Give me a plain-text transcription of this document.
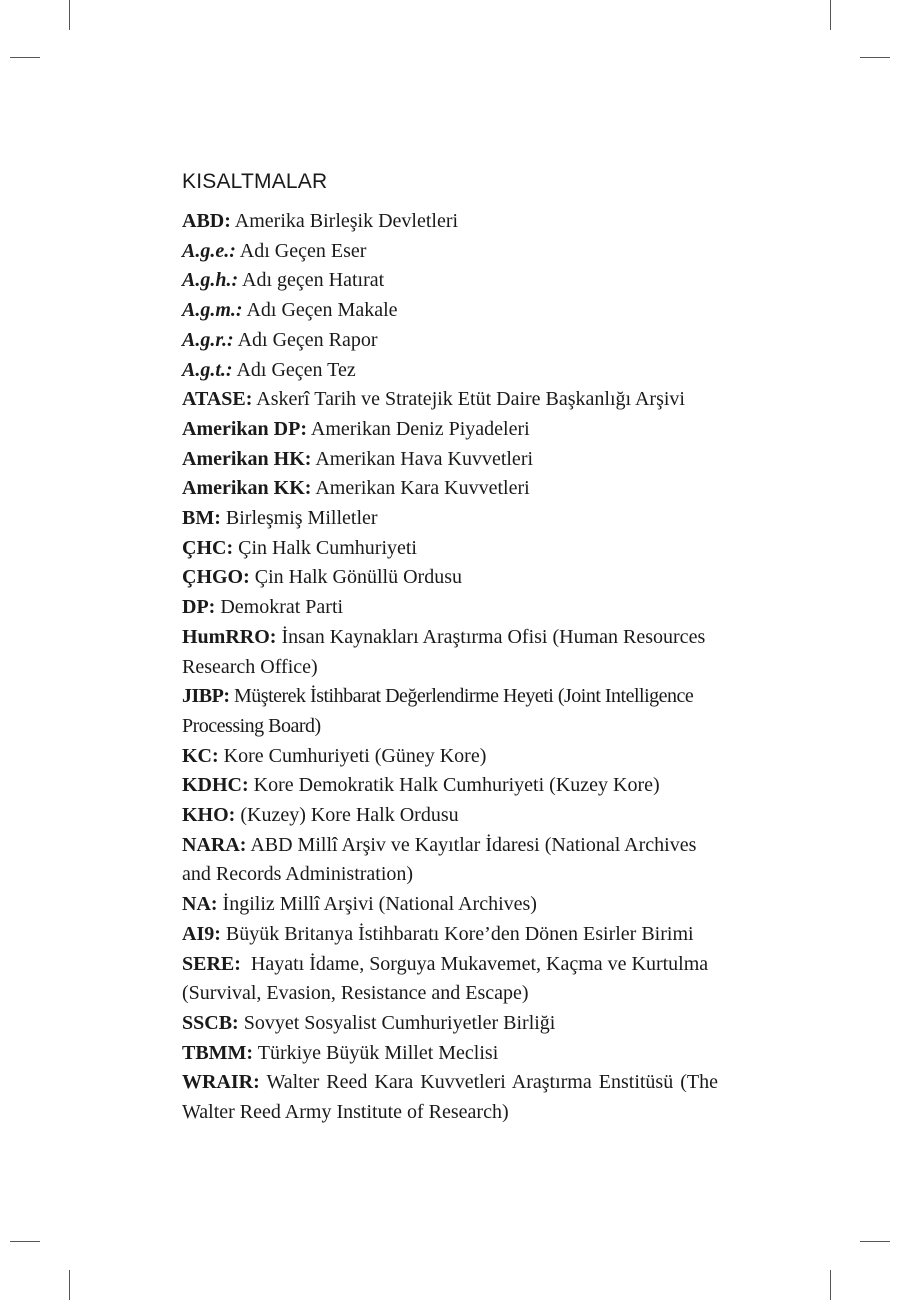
KISALTMALAR
ABD: Amerika Birleşik Devletleri
A.g.e.: Adı Geçen Eser
A.g.h.: Adı geçen Hatırat
A.g.m.: Adı Geçen Makale
A.g.r.: Adı Geçen Rapor
A.g.t.: Adı Geçen Tez
ATASE: Askerî Tarih ve Stratejik Etüt Daire Başkanlığı Arşivi
Amerikan DP: Amerikan Deniz Piyadeleri
Amerikan HK: Amerikan Hava Kuvvetleri
Amerikan KK: Amerikan Kara Kuvvetleri
BM: Birleşmiş Milletler
ÇHC: Çin Halk Cumhuriyeti
ÇHGO: Çin Halk Gönüllü Ordusu
DP: Demokrat Parti
HumRRO: İnsan Kaynakları Araştırma Ofisi (Human Resources Research Office)
JIBP: Müşterek İstihbarat Değerlendirme Heyeti (Joint Intelligence Processing Board)
KC: Kore Cumhuriyeti (Güney Kore)
KDHC: Kore Demokratik Halk Cumhuriyeti (Kuzey Kore)
KHO: (Kuzey) Kore Halk Ordusu
NARA: ABD Millî Arşiv ve Kayıtlar İdaresi (National Archives and Records Administration)
NA: İngiliz Millî Arşivi (National Archives)
AI9: Büyük Britanya İstihbaratı Kore’den Dönen Esirler Birimi
SERE:  Hayatı İdame, Sorguya Mukavemet, Kaçma ve Kurtulma (Survival, Evasion, Resistance and Escape)
SSCB: Sovyet Sosyalist Cumhuriyetler Birliği
TBMM: Türkiye Büyük Millet Meclisi
WRAIR: Walter Reed Kara Kuvvetleri Araştırma Enstitüsü (The Walter Reed Army Institute of Research)
